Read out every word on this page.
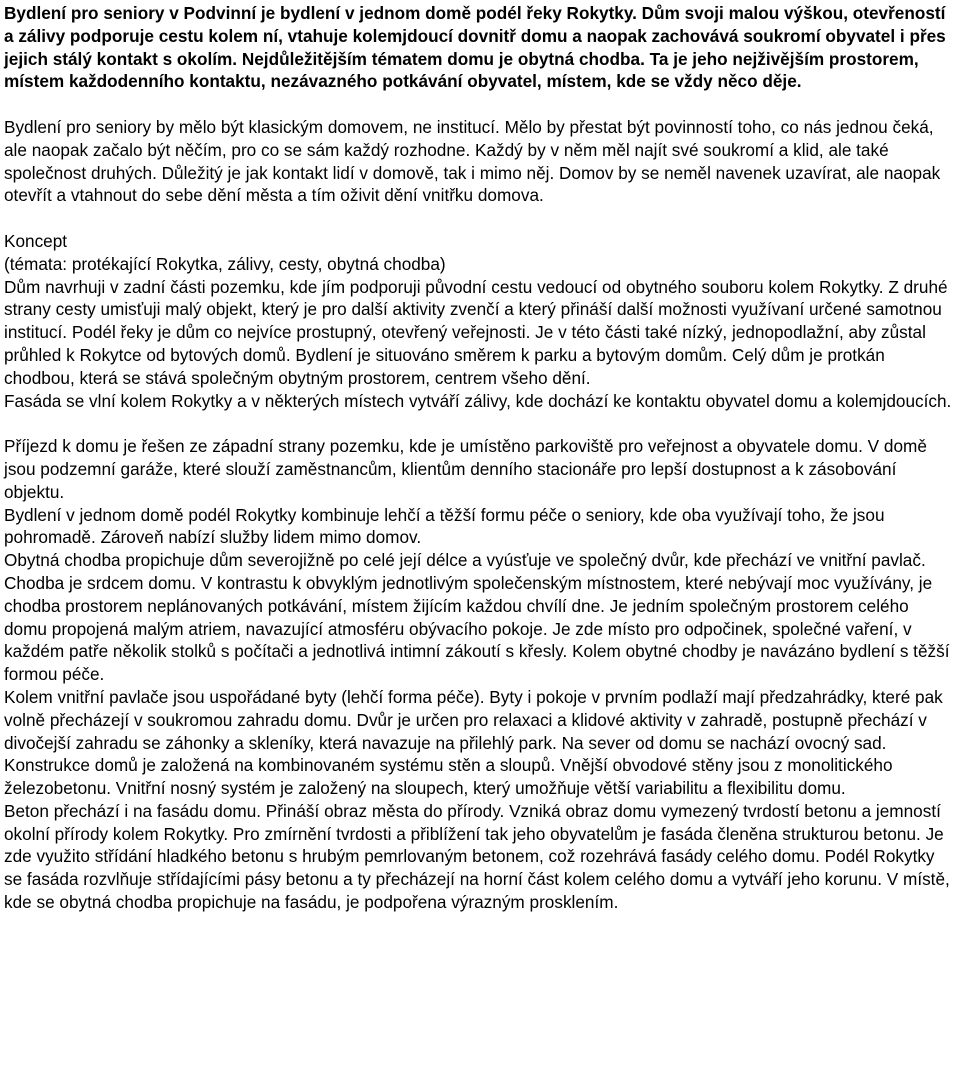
Bydlení pro seniory v Podvinní je bydlení v jednom domě podél řeky Rokytky. Dům svoji malou výškou, otevřeností a zálivy podporuje cestu kolem ní, vtahuje kolemjdoucí dovnitř domu a naopak zachovává soukromí obyvatel i přes jejich stálý kontakt s okolím. Nejdůležitějším tématem domu je obytná chodba. Ta je jeho nejživějším prostorem, místem každodenního kontaktu, nezávazného potkávání obyvatel, místem, kde se vždy něco děje.

Bydlení pro seniory by mělo být klasickým domovem, ne institucí. Mělo by přestat být povinností toho, co nás jednou čeká, ale naopak začalo být něčím, pro co se sám každý rozhodne. Každý by v něm měl najít své soukromí a klid, ale také společnost druhých. Důležitý je jak kontakt lidí v domově, tak i mimo něj. Domov by se neměl navenek uzavírat, ale naopak otevřít a vtahnout do sebe dění města a tím oživit dění vnitřku domova.

Koncept

(témata: protékající Rokytka, zálivy, cesty, obytná chodba)

Dům navrhuji v zadní části pozemku, kde jím podporuji původní cestu vedoucí od obytného souboru kolem Rokytky. Z druhé strany cesty umisťuji malý objekt, který je pro další aktivity zvenčí a který přináší další možnosti využívaní určené samotnou institucí. Podél řeky je dům co nejvíce prostupný, otevřený veřejnosti. Je v této části také nízký, jednopodlažní, aby zůstal průhled k Rokytce od bytových domů. Bydlení je situováno směrem k parku a bytovým domům. Celý dům je protkán chodbou, která se stává společným obytným prostorem, centrem všeho dění.

Fasáda se vlní kolem Rokytky a v některých místech vytváří zálivy, kde dochází ke kontaktu obyvatel domu a kolemjdoucích.

Příjezd k domu je řešen ze západní strany pozemku, kde je umístěno parkoviště pro veřejnost a obyvatele domu. V domě jsou podzemní garáže, které slouží zaměstnancům, klientům denního stacionáře pro lepší dostupnost a k zásobování objektu.

Bydlení v jednom domě podél Rokytky kombinuje lehčí a těžší formu péče o seniory, kde oba využívají toho, že jsou pohromadě. Zároveň nabízí služby lidem mimo domov.

Obytná chodba propichuje dům severojižně po celé její délce a vyúsťuje ve společný dvůr, kde přechází ve vnitřní pavlač. Chodba je srdcem domu. V kontrastu k obvyklým jednotlivým společenským místnostem, které nebývají moc využívány, je chodba prostorem neplánovaných potkávání, místem žijícím každou chvílí dne. Je jedním společným prostorem celého domu propojená malým atriem, navazující atmosféru obývacího pokoje. Je zde místo pro odpočinek, společné vaření, v každém patře několik stolků s počítači a jednotlivá intimní zákoutí s křesly. Kolem obytné chodby je navázáno bydlení s těžší formou péče.

Kolem vnitřní pavlače jsou uspořádané byty (lehčí forma péče). Byty i pokoje v prvním podlaží mají předzahrádky, které pak volně přecházejí v soukromou zahradu domu. Dvůr je určen pro relaxaci a klidové aktivity v zahradě, postupně přechází v divočejší zahradu se záhonky a skleníky, která navazuje na přilehlý park. Na sever od domu se nachází ovocný sad.

Konstrukce domů je založená na kombinovaném systému stěn a sloupů. Vnější obvodové stěny jsou z monolitického železobetonu. Vnitřní nosný systém je založený na sloupech, který umožňuje větší variabilitu a flexibilitu domu.

Beton přechází i na fasádu domu. Přináší obraz města do přírody. Vzniká obraz domu vymezený tvrdostí betonu a jemností okolní přírody kolem Rokytky. Pro zmírnění tvrdosti a přiblížení tak jeho obyvatelům je fasáda členěna strukturou betonu. Je zde využito střídání hladkého betonu s hrubým pemrlovaným betonem, což rozehrává fasády celého domu. Podél Rokytky se fasáda rozvlňuje střídajícími pásy betonu a ty přecházejí na horní část kolem celého domu a vytváří jeho korunu. V místě, kde se obytná chodba propichuje na fasádu, je podpořena výrazným prosklením.
